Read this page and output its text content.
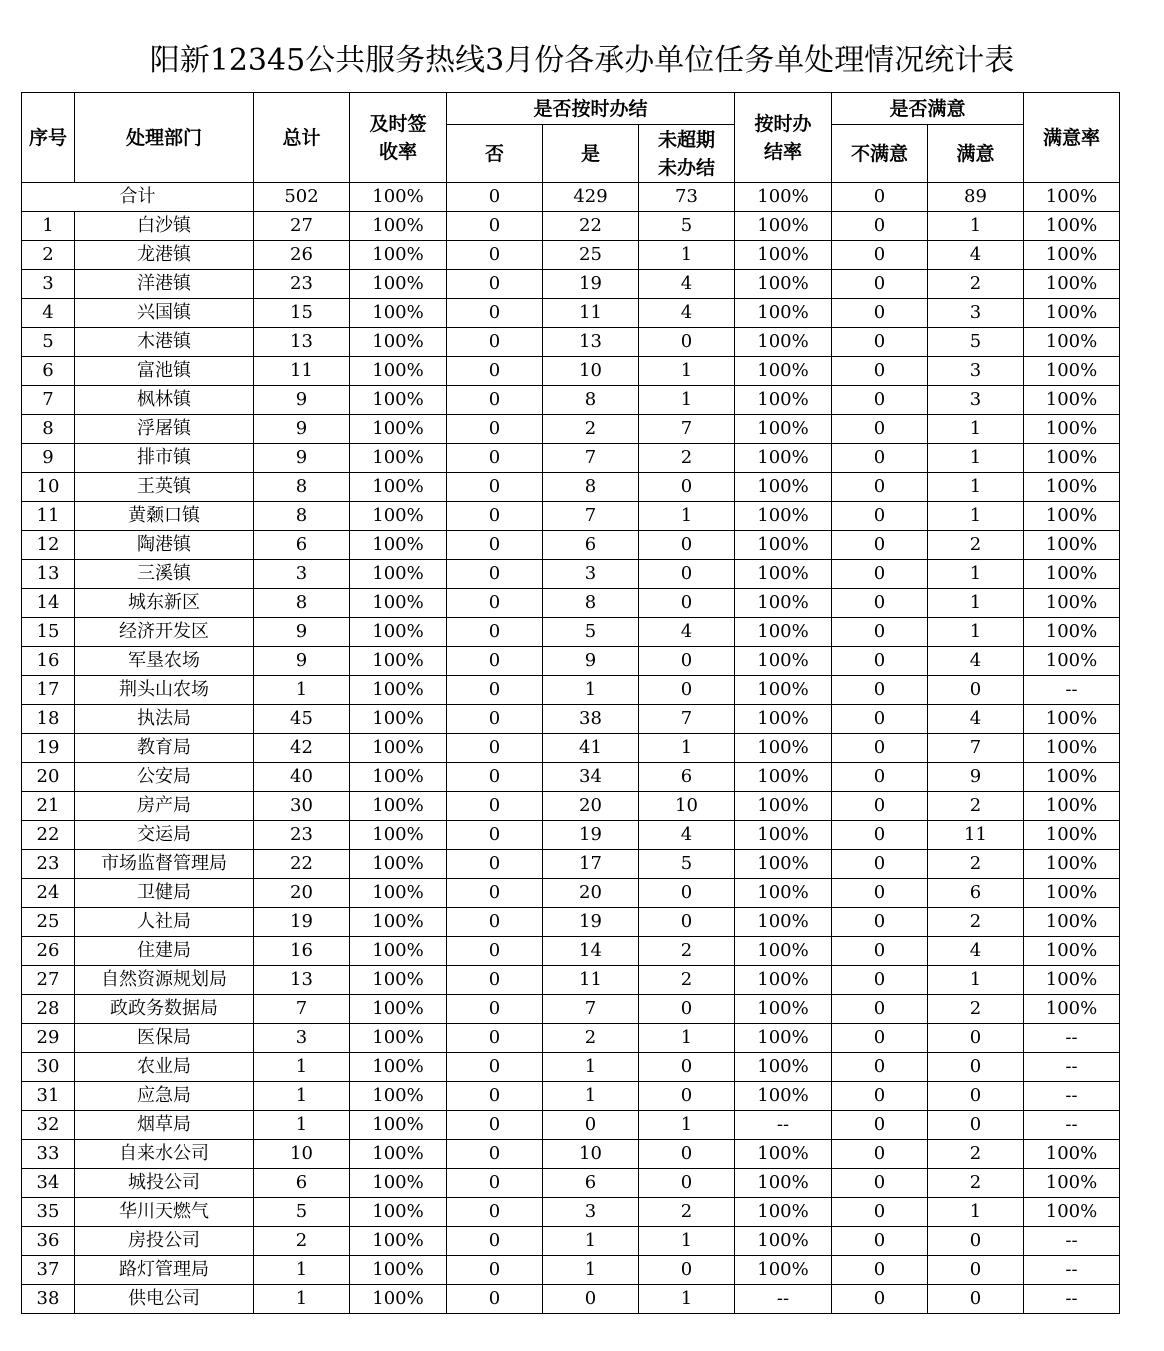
阳新12345公共服务热线3月份各承办单位任务单处理情况统计表
序号	处理部门	总计	及时签收率	是否按时办结			按时办结率	是否满意		满意率
				否	是	未超期未办结		不满意	满意	
合计		502	100%	0	429	73	100%	0	89	100%
1	白沙镇	27	100%	0	22	5	100%	0	1	100%
2	龙港镇	26	100%	0	25	1	100%	0	4	100%
3	洋港镇	23	100%	0	19	4	100%	0	2	100%
4	兴国镇	15	100%	0	11	4	100%	0	3	100%
5	木港镇	13	100%	0	13	0	100%	0	5	100%
6	富池镇	11	100%	0	10	1	100%	0	3	100%
7	枫林镇	9	100%	0	8	1	100%	0	3	100%
8	浮屠镇	9	100%	0	2	7	100%	0	1	100%
9	排市镇	9	100%	0	7	2	100%	0	1	100%
10	王英镇	8	100%	0	8	0	100%	0	1	100%
11	黄颡口镇	8	100%	0	7	1	100%	0	1	100%
12	陶港镇	6	100%	0	6	0	100%	0	2	100%
13	三溪镇	3	100%	0	3	0	100%	0	1	100%
14	城东新区	8	100%	0	8	0	100%	0	1	100%
15	经济开发区	9	100%	0	5	4	100%	0	1	100%
16	军垦农场	9	100%	0	9	0	100%	0	4	100%
17	荆头山农场	1	100%	0	1	0	100%	0	0	--
18	执法局	45	100%	0	38	7	100%	0	4	100%
19	教育局	42	100%	0	41	1	100%	0	7	100%
20	公安局	40	100%	0	34	6	100%	0	9	100%
21	房产局	30	100%	0	20	10	100%	0	2	100%
22	交运局	23	100%	0	19	4	100%	0	11	100%
23	市场监督管理局	22	100%	0	17	5	100%	0	2	100%
24	卫健局	20	100%	0	20	0	100%	0	6	100%
25	人社局	19	100%	0	19	0	100%	0	2	100%
26	住建局	16	100%	0	14	2	100%	0	4	100%
27	自然资源规划局	13	100%	0	11	2	100%	0	1	100%
28	政政务数据局	7	100%	0	7	0	100%	0	2	100%
29	医保局	3	100%	0	2	1	100%	0	0	--
30	农业局	1	100%	0	1	0	100%	0	0	--
31	应急局	1	100%	0	1	0	100%	0	0	--
32	烟草局	1	100%	0	0	1	--	0	0	--
33	自来水公司	10	100%	0	10	0	100%	0	2	100%
34	城投公司	6	100%	0	6	0	100%	0	2	100%
35	华川天燃气	5	100%	0	3	2	100%	0	1	100%
36	房投公司	2	100%	0	1	1	100%	0	0	--
37	路灯管理局	1	100%	0	1	0	100%	0	0	--
38	供电公司	1	100%	0	0	1	--	0	0	--
